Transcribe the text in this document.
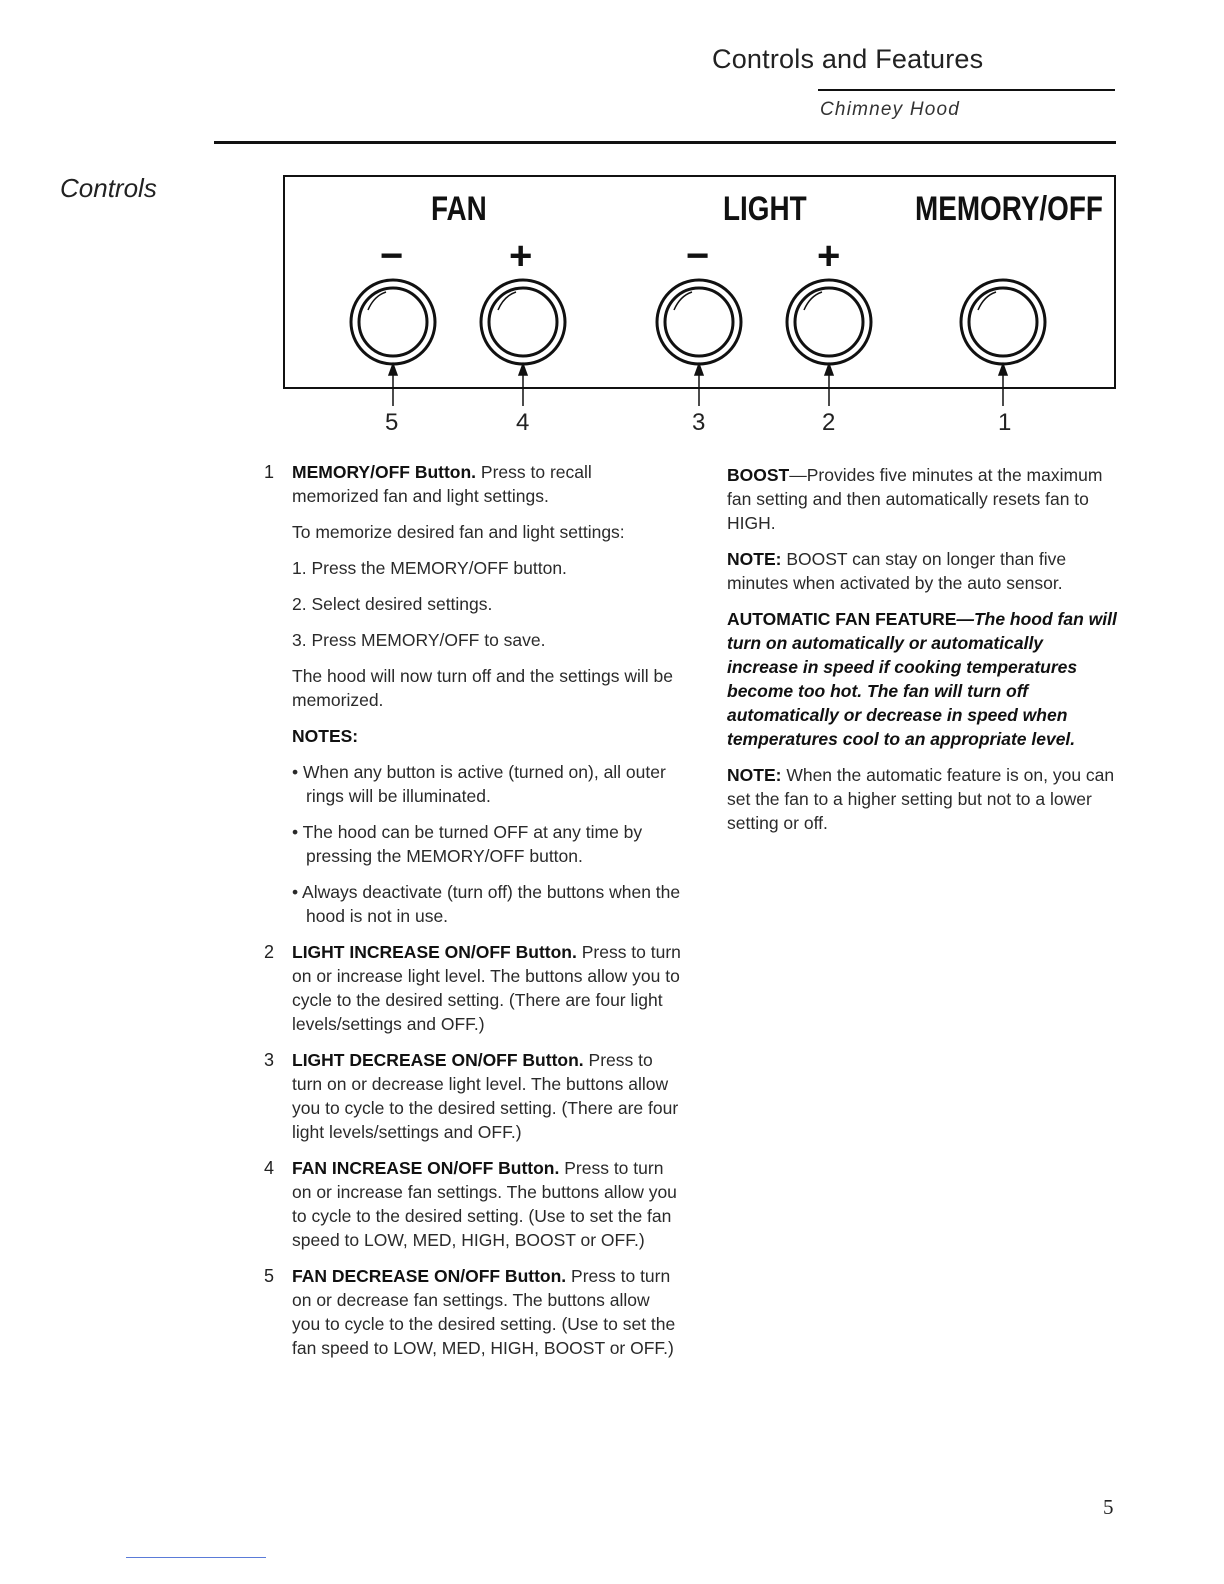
Controls and Features
Chimney Hood
Controls
FAN	LIGHT	MEMORY/OFF
−	+	−	+
5	4	3	2	1
1	MEMORY/OFF Button. Press to recall memorized fan and light settings.

To memorize desired fan and light settings:

1. Press the MEMORY/OFF button.

2. Select desired settings.

3. Press MEMORY/OFF to save.

The hood will now turn off and the settings will be memorized.

NOTES:

• When any button is active (turned on), all outer rings will be illuminated.

• The hood can be turned OFF at any time by pressing the MEMORY/OFF button.

• Always deactivate (turn off) the buttons when the hood is not in use.

2	LIGHT INCREASE ON/OFF Button. Press to turn on or increase light level. The buttons allow you to cycle to the desired setting. (There are four light levels/settings and OFF.)

3	LIGHT DECREASE ON/OFF Button. Press to turn on or decrease light level. The buttons allow you to cycle to the desired setting. (There are four light levels/settings and OFF.)

4	FAN INCREASE ON/OFF Button. Press to turn on or increase fan settings. The buttons allow you to cycle to the desired setting. (Use to set the fan speed to LOW, MED, HIGH, BOOST or OFF.)

5	FAN DECREASE ON/OFF Button. Press to turn on or decrease fan settings. The buttons allow you to cycle to the desired setting. (Use to set the fan speed to LOW, MED, HIGH, BOOST or OFF.)

BOOST—Provides five minutes at the maximum fan setting and then automatically resets fan to HIGH.

NOTE: BOOST can stay on longer than five minutes when activated by the auto sensor.

AUTOMATIC FAN FEATURE—The hood fan will turn on automatically or automatically increase in speed if cooking temperatures become too hot. The fan will turn off automatically or decrease in speed when temperatures cool to an appropriate level.

NOTE: When the automatic feature is on, you can set the fan to a higher setting but not to a lower setting or off.

5
